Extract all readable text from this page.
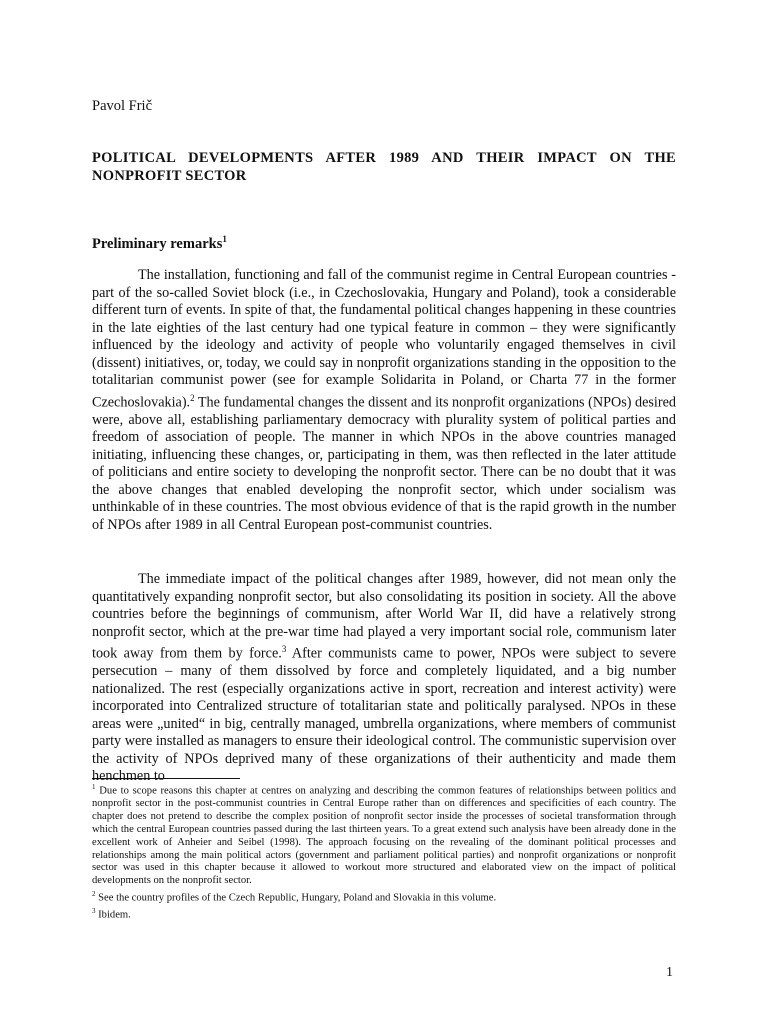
Pavol Frič
POLITICAL DEVELOPMENTS AFTER 1989 AND THEIR IMPACT ON THE NONPROFIT SECTOR
Preliminary remarks$^1$

The installation, functioning and fall of the communist regime in Central European countries - part of the so-called Soviet block (i.e., in Czechoslovakia, Hungary and Poland), took a considerable different turn of events. In spite of that, the fundamental political changes happening in these countries in the late eighties of the last century had one typical feature in common – they were significantly influenced by the ideology and activity of people who voluntarily engaged themselves in civil (dissent) initiatives, or, today, we could say in nonprofit organizations standing in the opposition to the totalitarian communist power (see for example Solidarita in Poland, or Charta 77 in the former Czechoslovakia).$^2$ The fundamental changes the dissent and its nonprofit organizations (NPOs) desired were, above all, establishing parliamentary democracy with plurality system of political parties and freedom of association of people. The manner in which NPOs in the above countries managed initiating, influencing these changes, or, participating in them, was then reflected in the later attitude of politicians and entire society to developing the nonprofit sector. There can be no doubt that it was the above changes that enabled developing the nonprofit sector, which under socialism was unthinkable of in these countries. The most obvious evidence of that is the rapid growth in the number of NPOs after 1989 in all Central European post-communist countries.

The immediate impact of the political changes after 1989, however, did not mean only the quantitatively expanding nonprofit sector, but also consolidating its position in society. All the above countries before the beginnings of communism, after World War II, did have a relatively strong nonprofit sector, which at the pre-war time had played a very important social role, communism later took away from them by force.$^3$ After communists came to power, NPOs were subject to severe persecution – many of them dissolved by force and completely liquidated, and a big number nationalized. The rest (especially organizations active in sport, recreation and interest activity) were incorporated into Centralized structure of totalitarian state and politically paralysed. NPOs in these areas were „united“ in big, centrally managed, umbrella organizations, where members of communist party were installed as managers to ensure their ideological control. The communistic supervision over the activity of NPOs deprived many of these organizations of their authenticity and made them henchmen to

$^1$ Due to scope reasons this chapter at centres on analyzing and describing the common features of relationships between politics and nonprofit sector in the post-communist countries in Central Europe rather than on differences and specificities of each country. The chapter does not pretend to describe the complex position of nonprofit sector inside the processes of societal transformation through which the central European countries passed during the last thirteen years. To a great extend such analysis have been already done in the excellent work of Anheier and Seibel (1998). The approach focusing on the revealing of the dominant political processes and relationships among the main political actors (government and parliament political parties) and nonprofit organizations or nonprofit sector was used in this chapter because it allowed to workout more structured and elaborated view on the impact of political developments on the nonprofit sector.

$^2$ See the country profiles of the Czech Republic, Hungary, Poland and Slovakia in this volume.

$^3$ Ibidem.

1
